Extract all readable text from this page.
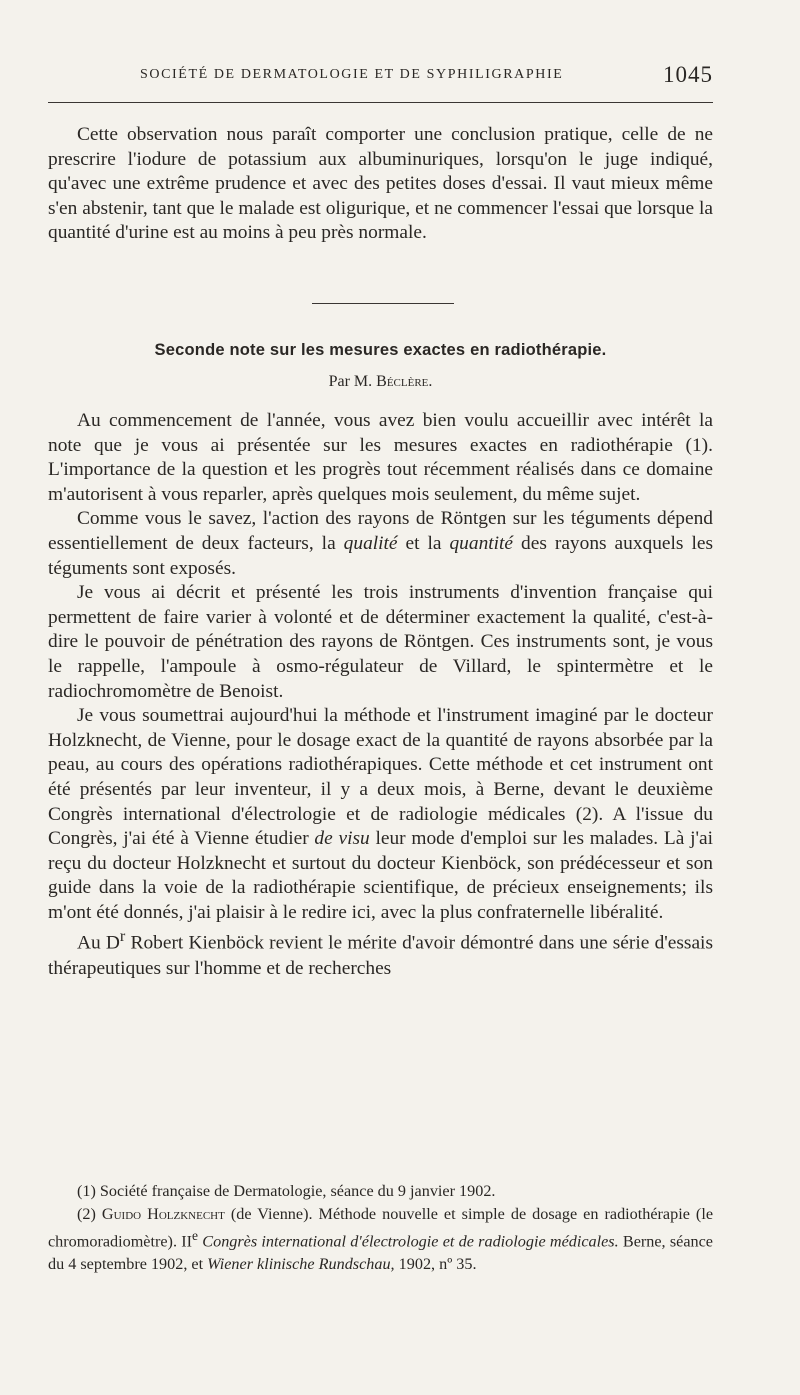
SOCIÉTÉ DE DERMATOLOGIE ET DE SYPHILIGRAPHIE	1045

Cette observation nous paraît comporter une conclusion pratique, celle de ne prescrire l'iodure de potassium aux albuminuriques, lorsqu'on le juge indiqué, qu'avec une extrême prudence et avec des petites doses d'essai. Il vaut mieux même s'en abstenir, tant que le malade est oligurique, et ne commencer l'essai que lorsque la quantité d'urine est au moins à peu près normale.

Seconde note sur les mesures exactes en radiothérapie.
Par M. Béclère.

Au commencement de l'année, vous avez bien voulu accueillir avec intérêt la note que je vous ai présentée sur les mesures exactes en radiothérapie (1). L'importance de la question et les progrès tout récemment réalisés dans ce domaine m'autorisent à vous reparler, après quelques mois seulement, du même sujet.

Comme vous le savez, l'action des rayons de Röntgen sur les téguments dépend essentiellement de deux facteurs, la qualité et la quantité des rayons auxquels les téguments sont exposés.

Je vous ai décrit et présenté les trois instruments d'invention française qui permettent de faire varier à volonté et de déterminer exactement la qualité, c'est-à-dire le pouvoir de pénétration des rayons de Röntgen. Ces instruments sont, je vous le rappelle, l'ampoule à osmo-régulateur de Villard, le spintermètre et le radiochromomètre de Benoist.

Je vous soumettrai aujourd'hui la méthode et l'instrument imaginé par le docteur Holzknecht, de Vienne, pour le dosage exact de la quantité de rayons absorbée par la peau, au cours des opérations radiothérapiques. Cette méthode et cet instrument ont été présentés par leur inventeur, il y a deux mois, à Berne, devant le deuxième Congrès international d'électrologie et de radiologie médicales (2). A l'issue du Congrès, j'ai été à Vienne étudier de visu leur mode d'emploi sur les malades. Là j'ai reçu du docteur Holzknecht et surtout du docteur Kienböck, son prédécesseur et son guide dans la voie de la radiothérapie scientifique, de précieux enseignements; ils m'ont été donnés, j'ai plaisir à le redire ici, avec la plus confraternelle libéralité.

Au $D^r$ Robert Kienböck revient le mérite d'avoir démontré dans une série d'essais thérapeutiques sur l'homme et de recherches

(1) Société française de Dermatologie, séance du 9 janvier 1902.

(2) Guido Holzknecht (de Vienne). Méthode nouvelle et simple de dosage en radiothérapie (le chromoradiomètre). IIe Congrès international d'électrologie et de radiologie médicales. Berne, séance du 4 septembre 1902, et Wiener klinische Rundschau, 1902, nº 35.
